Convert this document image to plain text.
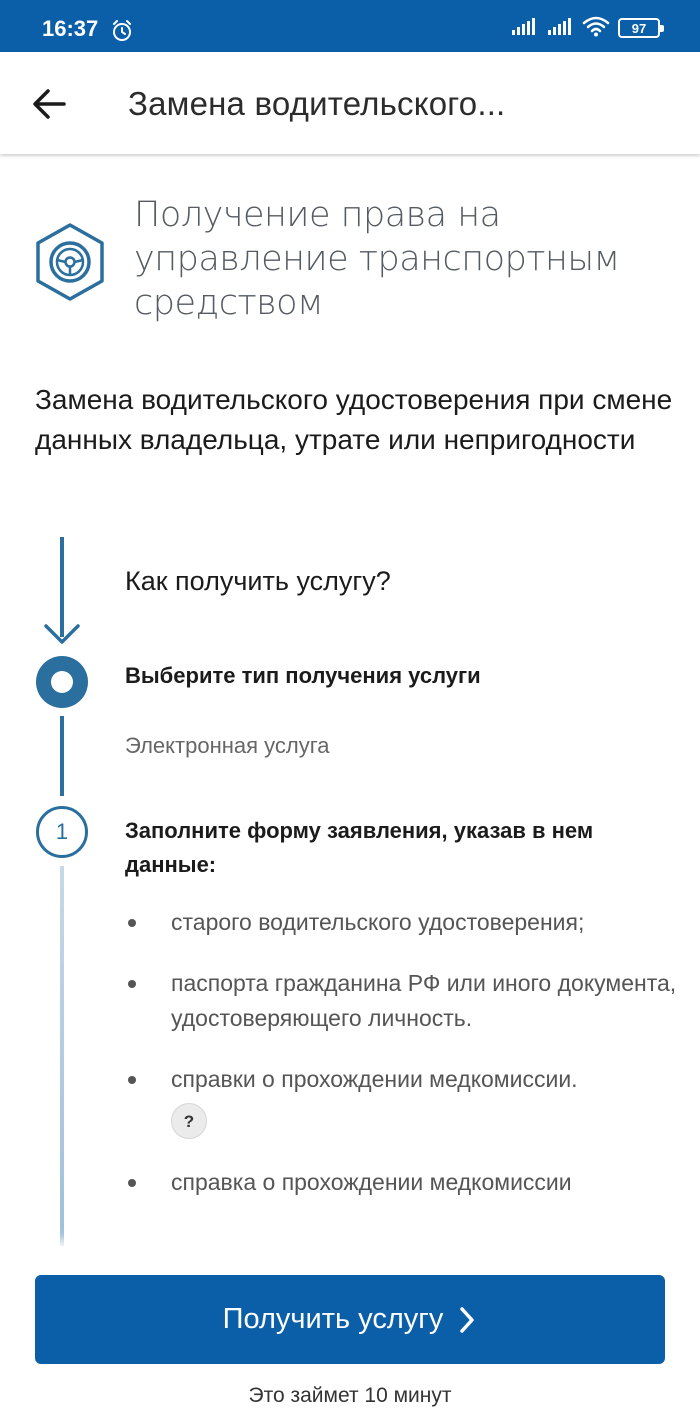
16:37	97
Замена водительского...
Получение права на управление транспортным средством
Замена водительского удостоверения при смене данных владельца, утрате или непригодности
Как получить услугу?
Выберите тип получения услуги
Электронная услуга
1	Заполните форму заявления, указав в нем данные:
старого водительского удостоверения;
паспорта гражданина РФ или иного документа, удостоверяющего личность.
справки о прохождении медкомиссии.

?
справка о прохождении медкомиссии
Получить услугу
Это займет 10 минут
